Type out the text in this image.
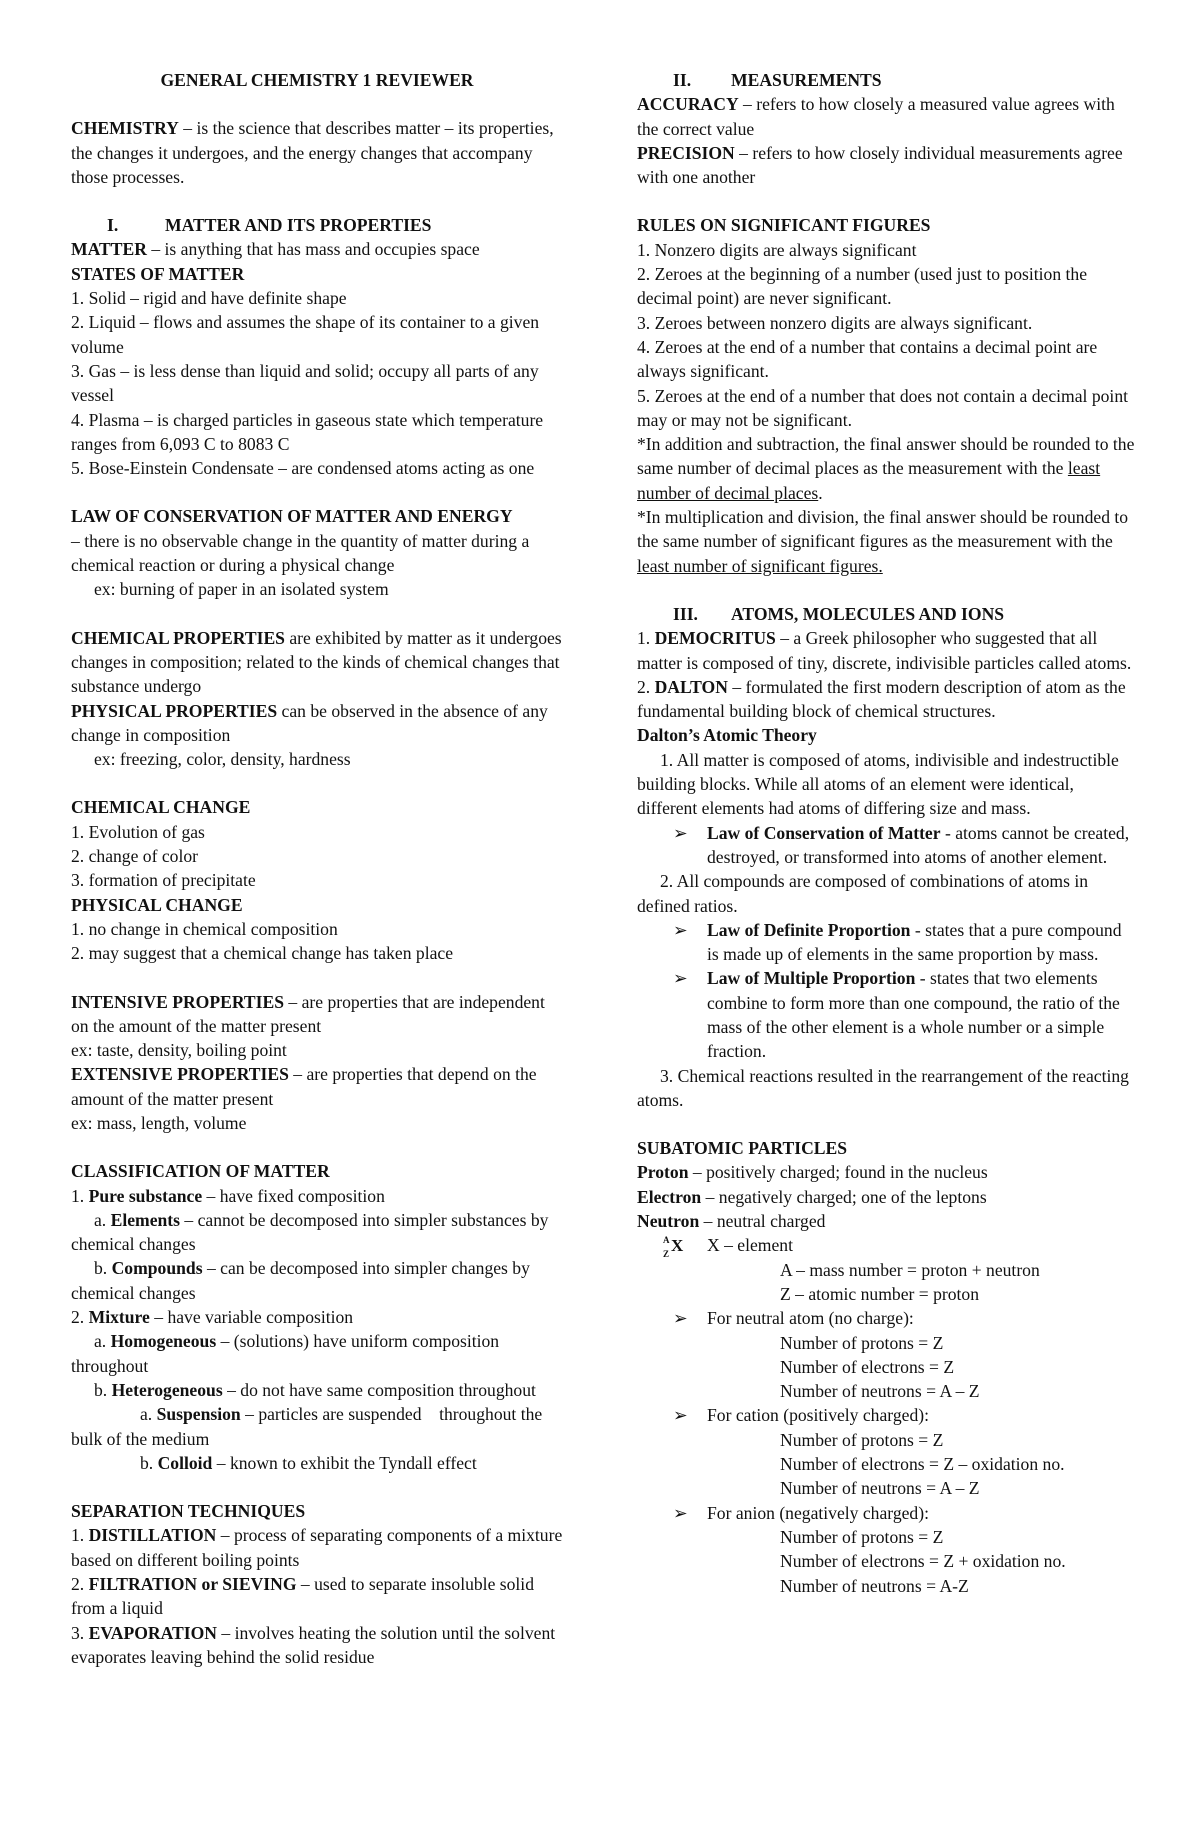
GENERAL CHEMISTRY 1 REVIEWER

CHEMISTRY – is the science that describes matter – its properties, the changes it undergoes, and the energy changes that accompany those processes.

I.	MATTER AND ITS PROPERTIES

MATTER – is anything that has mass and occupies space

STATES OF MATTER

1. Solid – rigid and have definite shape

2. Liquid – flows and assumes the shape of its container to a given volume

3. Gas – is less dense than liquid and solid; occupy all parts of any vessel

4. Plasma – is charged particles in gaseous state which temperature ranges from 6,093 C to 8083 C

5. Bose-Einstein Condensate – are condensed atoms acting as one

LAW OF CONSERVATION OF MATTER AND ENERGY

– there is no observable change in the quantity of matter during a chemical reaction or during a physical change

ex: burning of paper in an isolated system

CHEMICAL PROPERTIES are exhibited by matter as it undergoes changes in composition; related to the kinds of chemical changes that substance undergo

PHYSICAL PROPERTIES can be observed in the absence of any change in composition

ex: freezing, color, density, hardness

CHEMICAL CHANGE

1. Evolution of gas

2. change of color

3. formation of precipitate

PHYSICAL CHANGE

1. no change in chemical composition

2. may suggest that a chemical change has taken place

INTENSIVE PROPERTIES – are properties that are independent on the amount of the matter present

ex: taste, density, boiling point

EXTENSIVE PROPERTIES – are properties that depend on the amount of the matter present

ex: mass, length, volume

CLASSIFICATION OF MATTER

1. Pure substance – have fixed composition

a. Elements – cannot be decomposed into simpler substances by chemical changes

b. Compounds – can be decomposed into simpler changes by chemical changes

2. Mixture – have variable composition

a. Homogeneous – (solutions) have uniform composition throughout

b. Heterogeneous – do not have same composition throughout

a. Suspension – particles are suspended    throughout the bulk of the medium

b. Colloid – known to exhibit the Tyndall effect

SEPARATION TECHNIQUES

1. DISTILLATION – process of separating components of a mixture based on different boiling points

2. FILTRATION or SIEVING – used to separate insoluble solid from a liquid

3. EVAPORATION – involves heating the solution until the solvent evaporates leaving behind the solid residue

II. MEASUREMENTS

ACCURACY – refers to how closely a measured value agrees with the correct value

PRECISION – refers to how closely individual measurements agree with one another

RULES ON SIGNIFICANT FIGURES

1. Nonzero digits are always significant

2. Zeroes at the beginning of a number (used just to position the decimal point) are never significant.

3. Zeroes between nonzero digits are always significant.

4. Zeroes at the end of a number that contains a decimal point are always significant.

5. Zeroes at the end of a number that does not contain a decimal point may or may not be significant.

*In addition and subtraction, the final answer should be rounded to the same number of decimal places as the measurement with the least number of decimal places.

*In multiplication and division, the final answer should be rounded to the same number of significant figures as the measurement with the least number of significant figures.

III. ATOMS, MOLECULES AND IONS

1. DEMOCRITUS – a Greek philosopher who suggested that all matter is composed of tiny, discrete, indivisible particles called atoms.

2. DALTON – formulated the first modern description of atom as the fundamental building block of chemical structures.

Dalton’s Atomic Theory

1. All matter is composed of atoms, indivisible and indestructible building blocks. While all atoms of an element were identical, different elements had atoms of differing size and mass.

➢ Law of Conservation of Matter - atoms cannot be created, destroyed, or transformed into atoms of another element.

2. All compounds are composed of combinations of atoms in defined ratios.

➢ Law of Definite Proportion - states that a pure compound is made up of elements in the same proportion by mass.

➢ Law of Multiple Proportion - states that two elements combine to form more than one compound, the ratio of the mass of the other element is a whole number or a simple fraction.

3. Chemical reactions resulted in the rearrangement of the reacting atoms.

SUBATOMIC PARTICLES

Proton – positively charged; found in the nucleus

Electron – negatively charged; one of the leptons

Neutron – neutral charged

A
Z X X – element

A – mass number = proton + neutron

Z – atomic number = proton

➢ For neutral atom (no charge):

Number of protons = Z

Number of electrons = Z

Number of neutrons = A – Z

➢ For cation (positively charged):

Number of protons = Z

Number of electrons = Z – oxidation no.

Number of neutrons = A – Z

➢ For anion (negatively charged):

Number of protons = Z

Number of electrons = Z + oxidation no.

Number of neutrons = A-Z
